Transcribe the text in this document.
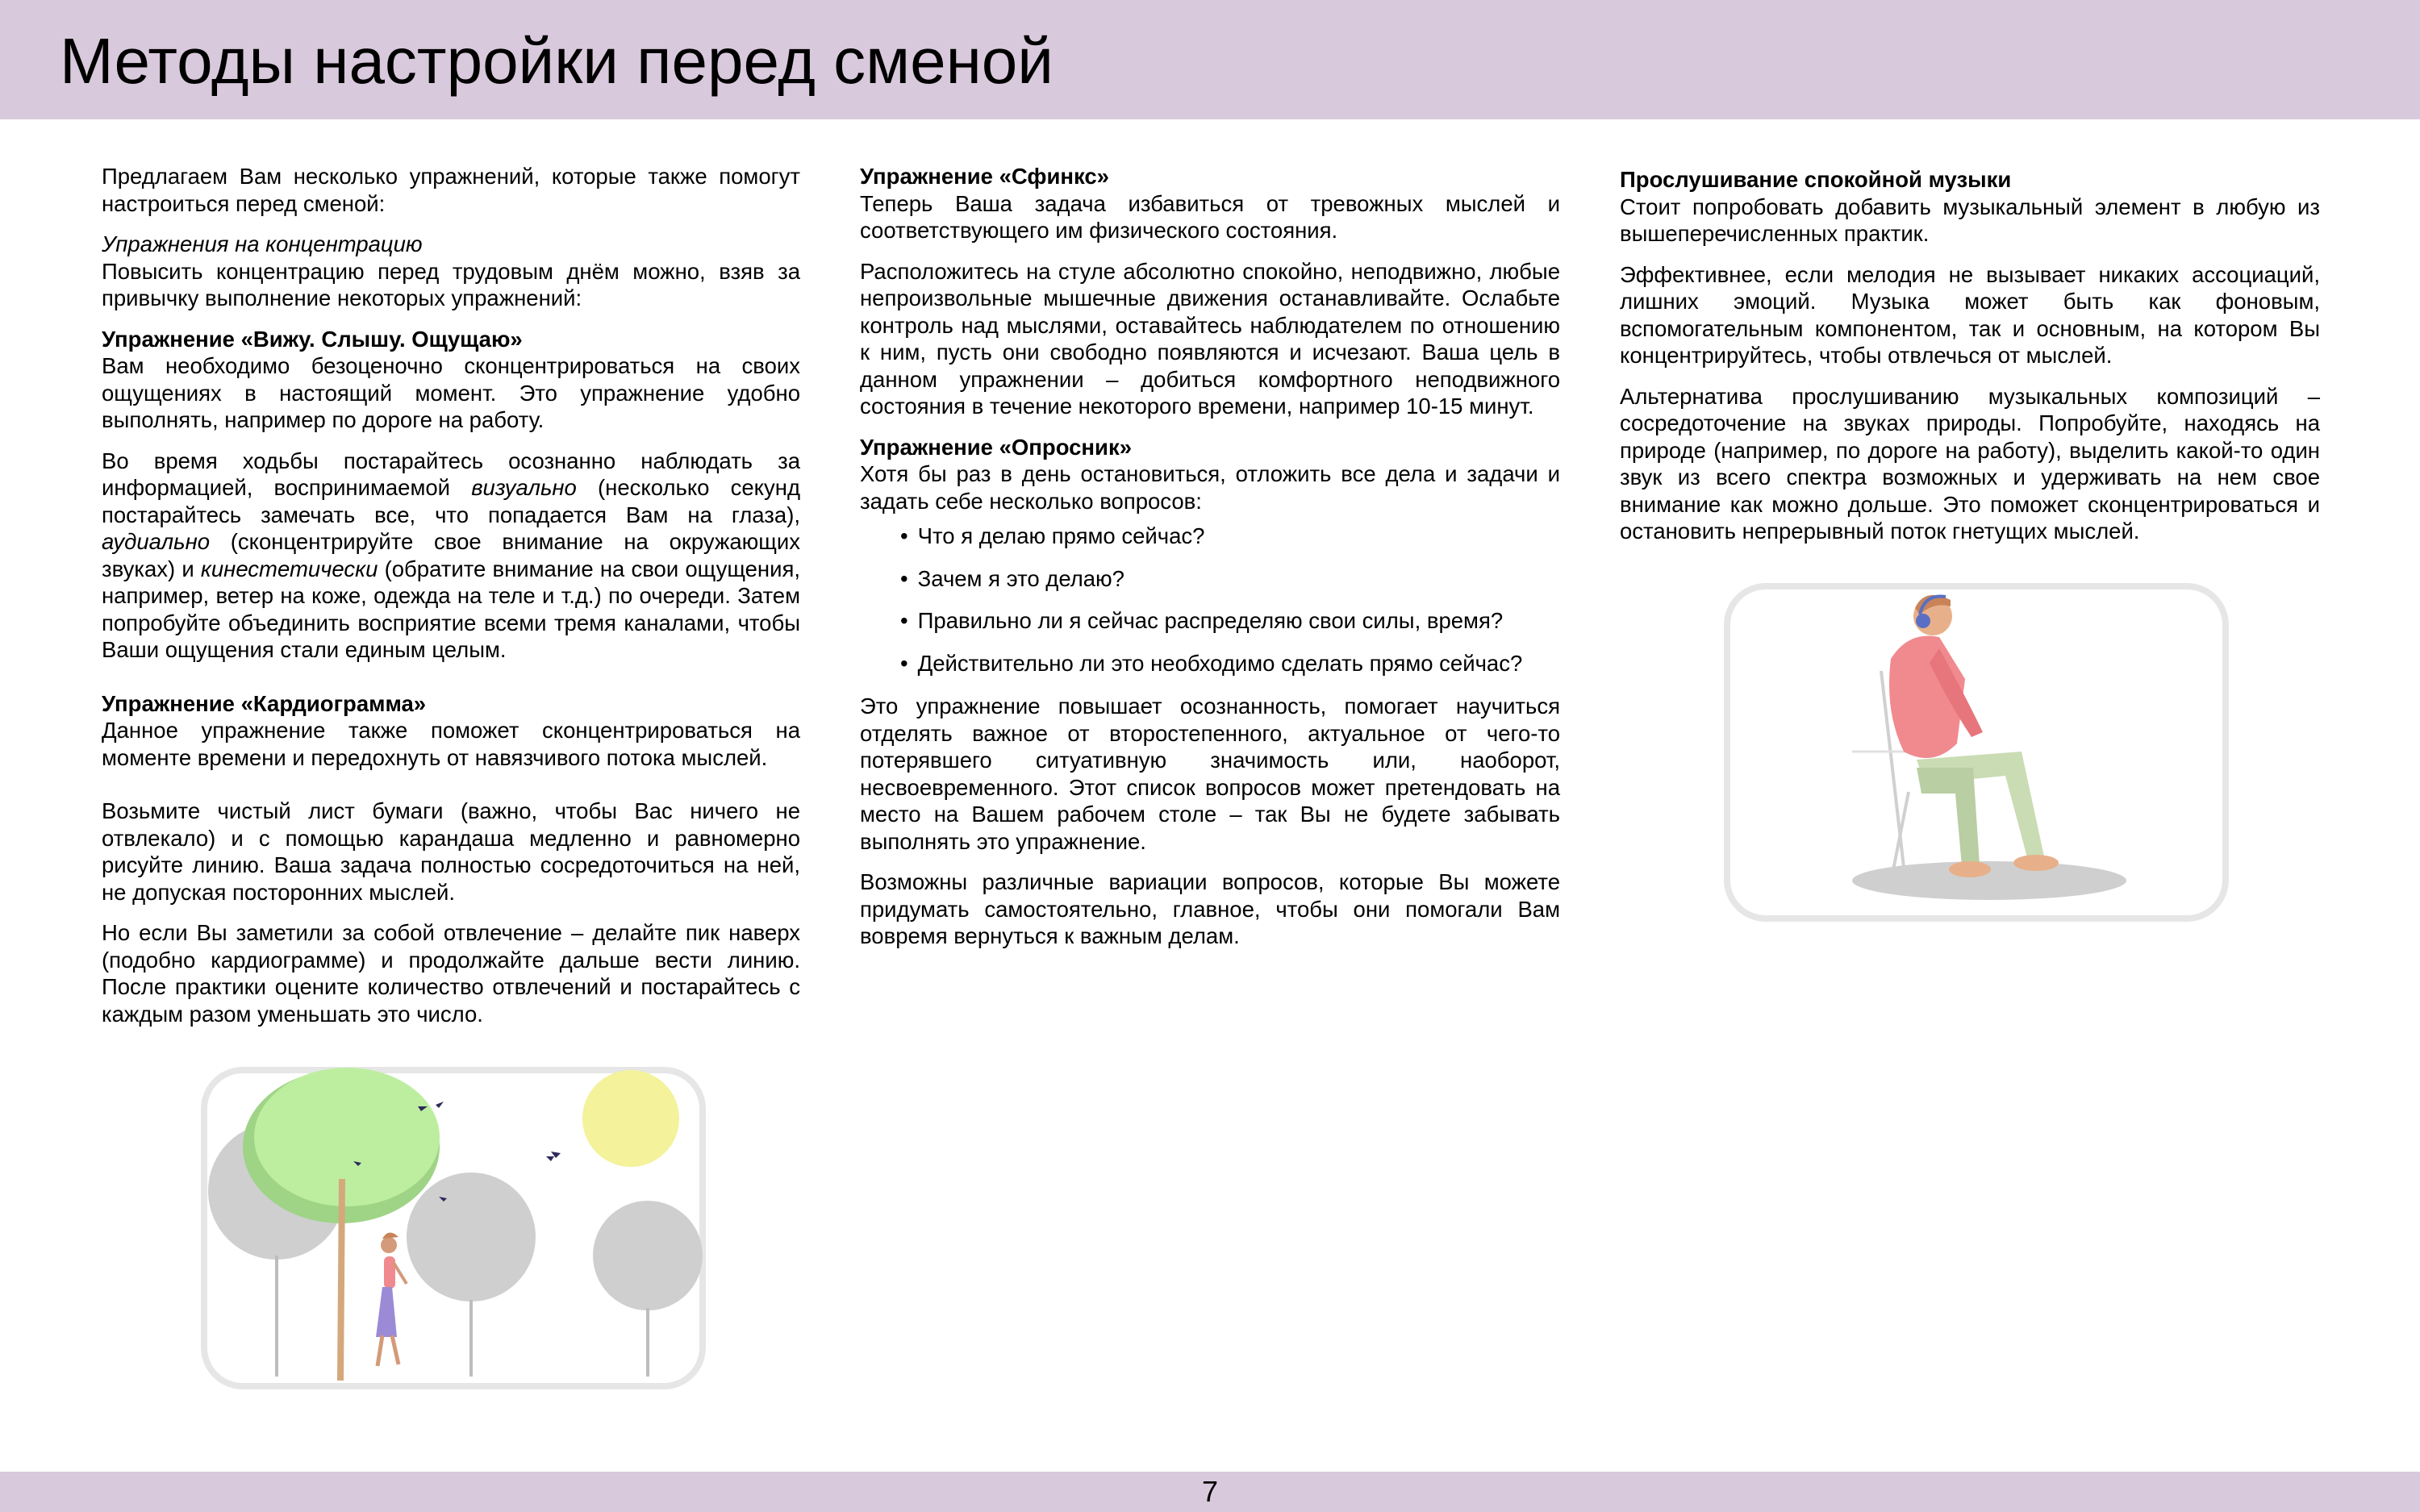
Методы настройки перед сменой

Предлагаем Вам несколько упражнений, которые также помогут настроиться перед сменой:

Упражнения на концентрацию

Повысить концентрацию перед трудовым днём можно, взяв за привычку выполнение некоторых упражнений:

Упражнение «Вижу. Слышу. Ощущаю»

Вам необходимо безоценочно сконцентрироваться на своих ощущениях в настоящий момент. Это упражнение удобно выполнять, например по дороге на работу.

Во время ходьбы постарайтесь осознанно наблюдать за информацией, воспринимаемой визуально (несколько секунд постарайтесь замечать все, что попадается Вам на глаза), аудиально (сконцентрируйте свое внимание на окружающих звуках) и кинестетически (обратите внимание на свои ощущения, например, ветер на коже, одежда на теле и т.д.) по очереди. Затем попробуйте объединить восприятие всеми тремя каналами, чтобы Ваши ощущения стали единым целым.

Упражнение «Кардиограмма»

Данное упражнение также поможет сконцентрироваться на моменте времени и передохнуть от навязчивого потока мыслей.

Возьмите чистый лист бумаги (важно, чтобы Вас ничего не отвлекало) и с помощью карандаша медленно и равномерно рисуйте линию. Ваша задача полностью сосредоточиться на ней, не допуская посторонних мыслей.

Но если Вы заметили за собой отвлечение – делайте пик наверх (подобно кардиограмме) и продолжайте дальше вести линию. После практики оцените количество отвлечений и постарайтесь с каждым разом уменьшать это число.

Упражнение «Сфинкс»

Теперь Ваша задача избавиться от тревожных мыслей и соответствующего им физического состояния.

Расположитесь на стуле абсолютно спокойно, неподвижно, любые непроизвольные мышечные движения останавливайте. Ослабьте контроль над мыслями, оставайтесь наблюдателем по отношению к ним, пусть они свободно появляются и исчезают. Ваша цель в данном упражнении – добиться комфортного неподвижного состояния в течение некоторого времени, например 10-15 минут.

Упражнение «Опросник»

Хотя бы раз в день остановиться, отложить все дела и задачи и задать себе несколько вопросов:

• Что я делаю прямо сейчас?
• Зачем я это делаю?
• Правильно ли я сейчас распределяю свои силы, время?
• Действительно ли это необходимо сделать прямо сейчас?

Это упражнение повышает осознанность, помогает научиться отделять важное от второстепенного, актуальное от чего-то потерявшего ситуативную значимость или, наоборот, несвоевременного. Этот список вопросов может претендовать на место на Вашем рабочем столе – так Вы не будете забывать выполнять это упражнение.

Возможны различные вариации вопросов, которые Вы можете придумать самостоятельно, главное, чтобы они помогали Вам вовремя вернуться к важным делам.

Прослушивание спокойной музыки

Стоит попробовать добавить музыкальный элемент в любую из вышеперечисленных практик.

Эффективнее, если мелодия не вызывает никаких ассоциаций, лишних эмоций. Музыка может быть как фоновым, вспомогательным компонентом, так и основным, на котором Вы концентрируйтесь, чтобы отвлечься от мыслей.

Альтернатива прослушиванию музыкальных композиций – сосредоточение на звуках природы. Попробуйте, находясь на природе (например, по дороге на работу), выделить какой-то один звук из всего спектра возможных и удерживать на нем свое внимание как можно дольше. Это поможет сконцентрироваться и остановить непрерывный поток гнетущих мыслей.

7
